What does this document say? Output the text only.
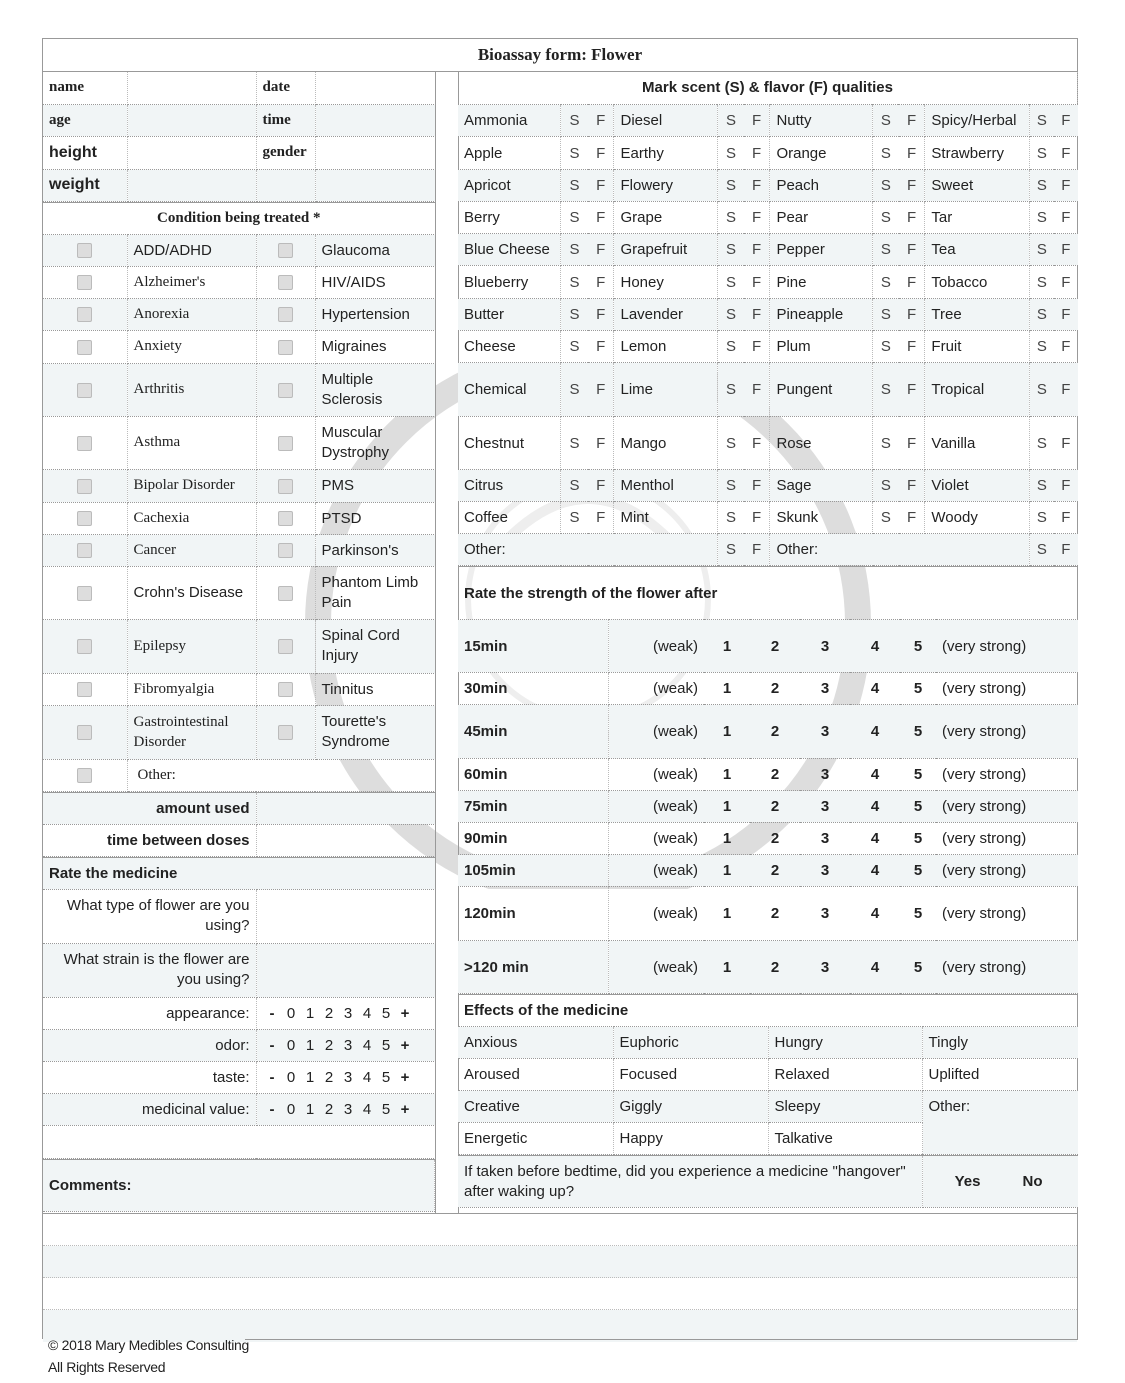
Bioassay form: Flower
name		date	
age		time	
height		gender	
weight			
Condition being treated *			
	ADD/ADHD		Glaucoma
	Alzheimer's		HIV/AIDS
	Anorexia		Hypertension
	Anxiety		Migraines
	Arthritis		Multiple Sclerosis
	Asthma		Muscular Dystrophy
	Bipolar Disorder		PMS
	Cachexia		PTSD
	Cancer		Parkinson's
	Crohn's Disease		Phantom Limb Pain
	Epilepsy		Spinal Cord Injury
	Fibromyalgia		Tinnitus
	Gastrointestinal Disorder		Tourette's Syndrome
	Other:		
amount used	
time between doses	
Rate the medicine	
What type of flower are you using?	
What strain is the flower are you using?	
appearance:	- 0 1 2 3 4 5 +
odor:	- 0 1 2 3 4 5 +
taste:	- 0 1 2 3 4 5 +
medicinal value:	- 0 1 2 3 4 5 +

Comments:
Mark scent (S) & flavor (F) qualities
Ammonia	S	F	Diesel	S	F	Nutty	S	F	Spicy/Herbal	S	F
Apple	S	F	Earthy	S	F	Orange	S	F	Strawberry	S	F
Apricot	S	F	Flowery	S	F	Peach	S	F	Sweet	S	F
Berry	S	F	Grape	S	F	Pear	S	F	Tar	S	F
Blue Cheese	S	F	Grapefruit	S	F	Pepper	S	F	Tea	S	F
Blueberry	S	F	Honey	S	F	Pine	S	F	Tobacco	S	F
Butter	S	F	Lavender	S	F	Pineapple	S	F	Tree	S	F
Cheese	S	F	Lemon	S	F	Plum	S	F	Fruit	S	F
Chemical	S	F	Lime	S	F	Pungent	S	F	Tropical	S	F
Chestnut	S	F	Mango	S	F	Rose	S	F	Vanilla	S	F
Citrus	S	F	Menthol	S	F	Sage	S	F	Violet	S	F
Coffee	S	F	Mint	S	F	Skunk	S	F	Woody	S	F
Other:				S	F	Other:				S	F
Rate the strength of the flower after							
15min	(weak)	1	2	3	4	5	(very strong)
30min	(weak)	1	2	3	4	5	(very strong)
45min	(weak)	1	2	3	4	5	(very strong)
60min	(weak)	1	2	3	4	5	(very strong)
75min	(weak)	1	2	3	4	5	(very strong)
90min	(weak)	1	2	3	4	5	(very strong)
105min	(weak)	1	2	3	4	5	(very strong)
120min	(weak)	1	2	3	4	5	(very strong)
>120 min	(weak)	1	2	3	4	5	(very strong)
Effects of the medicine			
Anxious	Euphoric	Hungry	Tingly
Aroused	Focused	Relaxed	Uplifted
Creative	Giggly	Sleepy	Other:
Energetic	Happy	Talkative	
If taken before bedtime, did you experience a medicine "hangover" after waking up?	Yes	No
© 2018 Mary Medibles Consulting
All Rights Reserved
